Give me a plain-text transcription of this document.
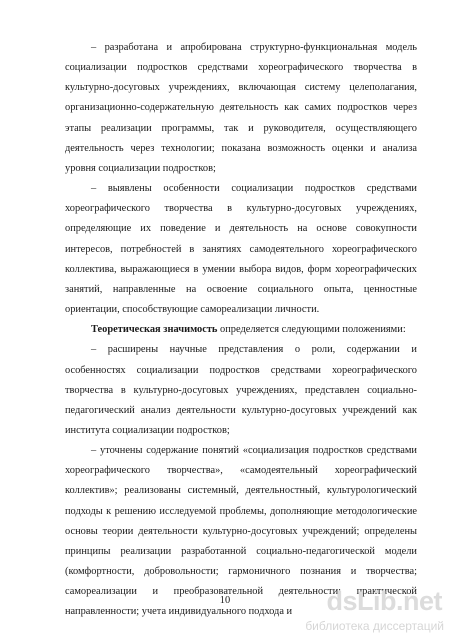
– разработана и апробирована структурно-функциональная модель социализации подростков средствами хореографического творчества в культурно-досуговых учреждениях, включающая систему целеполагания, организационно-содержательную деятельность как самих подростков через этапы реализации программы, так и руководителя, осуществляющего деятельность через технологии; показана возможность оценки и анализа уровня социализации подростков;

– выявлены особенности социализации подростков средствами хореографического творчества в культурно-досуговых учреждениях, определяющие их поведение и деятельность на основе совокупности интересов, потребностей в занятиях самодеятельного хореографического коллектива, выражающиеся в умении выбора видов, форм хореографических занятий, направленные на освоение социального опыта, ценностные ориентации, способствующие самореализации личности.

Теоретическая значимость определяется следующими положениями:

– расширены научные представления о роли, содержании и особенностях социализации подростков средствами хореографического творчества в культурно-досуговых учреждениях, представлен социально-педагогический анализ деятельности культурно-досуговых учреждений как института социализации подростков;

– уточнены содержание понятий «социализация подростков средствами хореографического творчества», «самодеятельный хореографический коллектив»; реализованы системный, деятельностный, культурологический подходы к решению исследуемой проблемы, дополняющие методологические основы теории деятельности культурно-досуговых учреждений; определены принципы реализации разработанной социально-педагогической модели (комфортности, добровольности; гармоничного познания и творчества; самореализации и преобразовательной деятельности; практической направленности; учета индивидуального подхода и

10	dsLib.net
библиотека диссертаций
